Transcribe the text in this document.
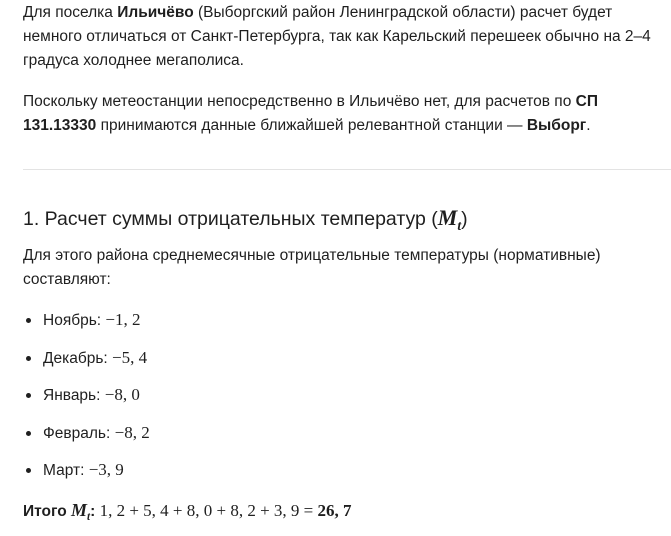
Для поселка Ильичёво (Выборгский район Ленинградской области) расчет будет немного отличаться от Санкт-Петербурга, так как Карельский перешеек обычно на 2–4 градуса холоднее мегаполиса.

Поскольку метеостанции непосредственно в Ильичёво нет, для расчетов по СП 131.13330 принимаются данные ближайшей релевантной станции — Выборг.

1. Расчет суммы отрицательных температур $(M_t)$

Для этого района среднемесячные отрицательные температуры (нормативные) составляют:

Ноябрь: −1, 2
Декабрь: −5, 4
Январь: −8, 0
Февраль: −8, 2
Март: −3, 9

Итого $M_t$: 1, 2 + 5, 4 + 8, 0 + 8, 2 + 3, 9 = 26, 7
